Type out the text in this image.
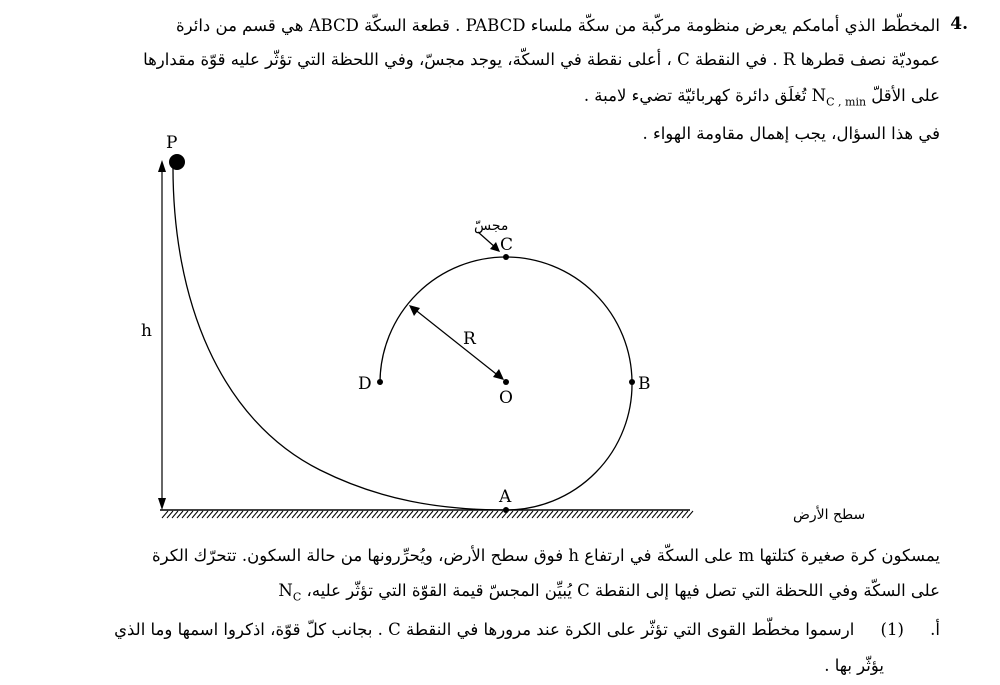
4.
المخطّط الذي أمامكم يعرض منظومة مركّبة من سكّة ملساء PABCD . قطعة السكّة ABCD هي قسم من دائرة
عموديّة نصف قطرها R . في النقطة C ، أعلى نقطة في السكّة، يوجد مجسّ، وفي اللحظة التي تؤثّر عليه قوّة مقدارها
على الأقلّ $N_{C , min}$ تُغلَق دائرة كهربائيّة تضيء لامبة .
في هذا السؤال، يجب إهمال مقاومة الهواء .
P
h
C
R
D
O
B
A
مجسّ
سطح الأرض
يمسكون كرة صغيرة كتلتها m على السكّة في ارتفاع h فوق سطح الأرض، ويُحرِّرونها من حالة السكون. تتحرّك الكرة
على السكّة وفي اللحظة التي تصل فيها إلى النقطة C يُبيِّن المجسّ قيمة القوّة التي تؤثّر عليه، $N_C$
أ.     (1)     ارسموا مخطّط القوى التي تؤثّر على الكرة عند مرورها في النقطة C . بجانب كلّ قوّة، اذكروا اسمها وما الذي
يؤثّر بها .
